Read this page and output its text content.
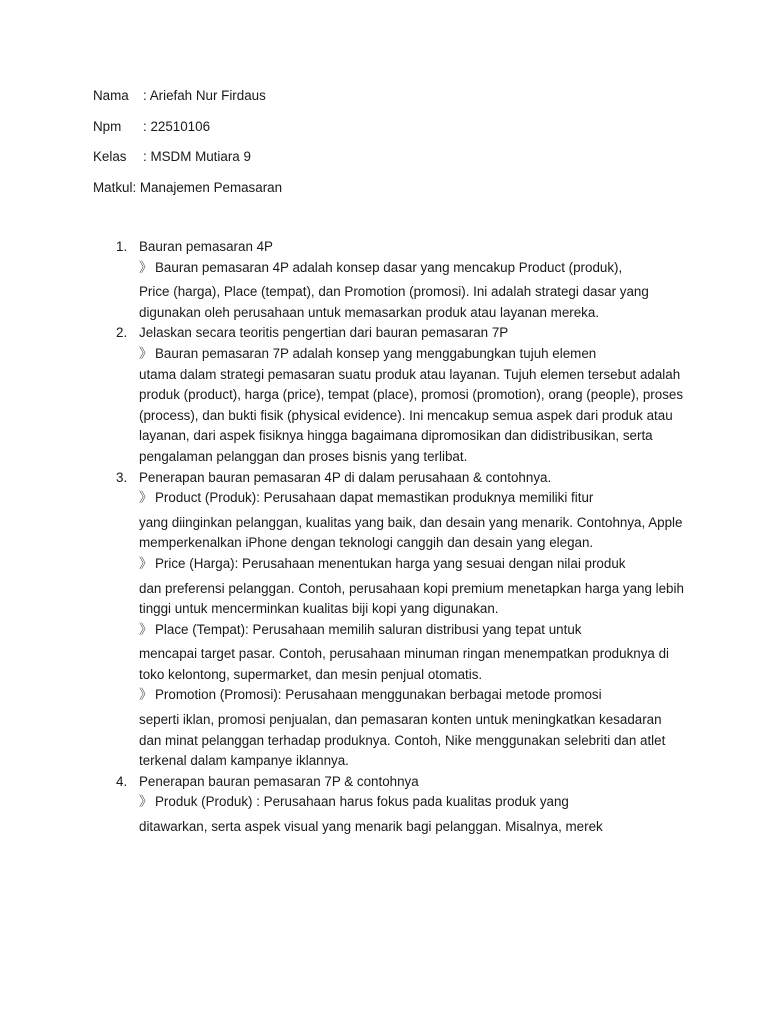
Nama : Ariefah Nur Firdaus
Npm : 22510106
Kelas : MSDM Mutiara 9
Matkul: Manajemen Pemasaran
1. Bauran pemasaran 4P
》 Bauran pemasaran 4P adalah konsep dasar yang mencakup Product (produk),
Price (harga), Place (tempat), dan Promotion (promosi). Ini adalah strategi dasar yang digunakan oleh perusahaan untuk memasarkan produk atau layanan mereka.
2. Jelaskan secara teoritis pengertian dari bauran pemasaran 7P
》 Bauran pemasaran 7P adalah konsep yang menggabungkan tujuh elemen
utama dalam strategi pemasaran suatu produk atau layanan. Tujuh elemen tersebut adalah produk (product), harga (price), tempat (place), promosi (promotion), orang (people), proses (process), dan bukti fisik (physical evidence). Ini mencakup semua aspek dari produk atau layanan, dari aspek fisiknya hingga bagaimana dipromosikan dan didistribusikan, serta pengalaman pelanggan dan proses bisnis yang terlibat.
3. Penerapan bauran pemasaran 4P di dalam perusahaan & contohnya.
》 Product (Produk): Perusahaan dapat memastikan produknya memiliki fitur
yang diinginkan pelanggan, kualitas yang baik, dan desain yang menarik. Contohnya, Apple memperkenalkan iPhone dengan teknologi canggih dan desain yang elegan.
》 Price (Harga): Perusahaan menentukan harga yang sesuai dengan nilai produk
dan preferensi pelanggan. Contoh, perusahaan kopi premium menetapkan harga yang lebih tinggi untuk mencerminkan kualitas biji kopi yang digunakan.
》 Place (Tempat): Perusahaan memilih saluran distribusi yang tepat untuk
mencapai target pasar. Contoh, perusahaan minuman ringan menempatkan produknya di toko kelontong, supermarket, dan mesin penjual otomatis.
》 Promotion (Promosi): Perusahaan menggunakan berbagai metode promosi
seperti iklan, promosi penjualan, dan pemasaran konten untuk meningkatkan kesadaran dan minat pelanggan terhadap produknya. Contoh, Nike menggunakan selebriti dan atlet terkenal dalam kampanye iklannya.
4. Penerapan bauran pemasaran 7P & contohnya
》 Produk (Produk) : Perusahaan harus fokus pada kualitas produk yang
ditawarkan, serta aspek visual yang menarik bagi pelanggan. Misalnya, merek
